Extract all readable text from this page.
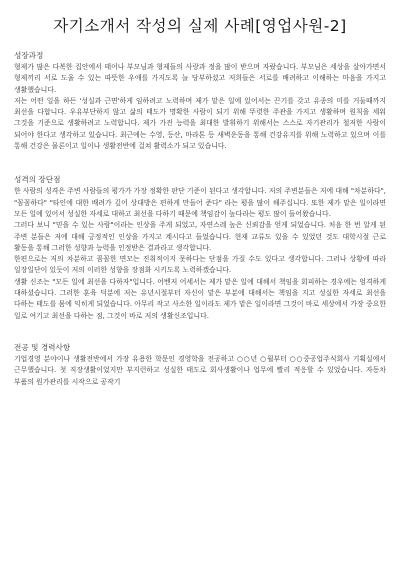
자기소개서 작성의 실제 사례[영업사원-2]
성장과정

형제가 많은 다복한 집안에서 태어나 부모님과 형제들의 사랑과 정을 많이 받으며 자랐습니다. 부모님은 세상을 살아가면서 형제끼리 서로 도울 수 있는 따뜻한 우애를 가지도록 늘 당부하셨고 저희들은 서로를 배려하고 이해하는 마음을 가지고 생활했습니다.

저는 어떤 일을 하든 '성실과 근면'하게 임하려고 노력하며 제가 맡은 일에 있어서는 끈기를 갖고 유종의 미를 거둘때까지 최선을 다합니다. 우유부단하지 않고 삶의 태도가 명확한 사람이 되기 위해 뚜렷한 주관을 가지고 생활하며 원칙을 세워 그것을 기준으로 생활하려고 노력합니다. 제가 가진 능력을 최대한 발휘하기 위해서는 스스로 자기관리가 철저한 사람이 되어야 한다고 생각하고 있습니다. 최근에는 수영, 등산, 마라톤 등 새벽운동을 통해 건강유지를 위해 노력하고 있으며 이를 통해 건강은 물론이고 일이나 생활전반에 걸쳐 활력소가 되고 있습니다.

성격의 장단점

한 사람의 성격은 주변 사람들의 평가가 가장 정확한 판단 기준이 된다고 생각합니다. 저의 주변분들은 저에 대해 "차분하다", "꼼꼼하다" "타인에 대한 배려가 깊어 상대방은 편하게 만들어 준다" 라는 평을 많이 해주십니다. 또한 제가 맡은 일이라면 모든 일에 있어서 성실한 자세로 대하고 최선을 다하기 때문에 책임감이 높다라는 평도 많이 들어왔습니다.

그러다 보니 "믿을 수 있는 사람"이라는 인상을 주게 되었고, 자연스레 높은 신뢰감을 얻게 되었습니다. 처음 한 번 알게 된 주변 분들은 저에 대해 긍정적인 인상을 가지고 계시다고 들었습니다. 현재 교류도 있을 수 있었던 것도 대학시절 근로 활동을 통해 그러한 성향과 능력을 인정받은 결과라고 생각합니다.

한편으로는 저의 차분하고 꼼꼼한 면모는 진취적이지 못하다는 단점을 가질 수도 있다고 생각합니다. 그러나 상황에 따라 일장일단이 있듯이 저의 이러한 성향을 장점화 시키도록 노력하겠습니다.

생활 신조는 "모든 일에 최선을 다하자"입니다. 어벤저 어세서는 제가 맡은 일에 대해서 책임을 회피하는 경우에는 엄격하게 대하셨습니다. 그러한 훈육 덕분에 저는 유년시절부터 자신이 맡은 부분에 대해서는 책임을 지고 성실한 자세로 최선을 다하는 태도를 몸에 익히게 되었습니다. 아무리 작고 사소한 일이라도 제가 맡은 일이라면 그것이 바로 세상에서 가장 중요한 일로 여기고 최선을 다하는 점, 그것이 바로 저의 생활신조입니다.

전공 및 경력사항

기업경영 분야이나 생활전반에서 가장 유용한 학문인 경영학을 전공하고 ○○년 ○월부터 ○○중공업주식회사 기획실에서 근무했습니다. 첫 직장생활이었지만 부지런하고 성실한 태도로 회사생활이나 업무에 빨리 적응할 수 있었습니다. 자동차 부품의 원가관리를 시작으로 공작기
